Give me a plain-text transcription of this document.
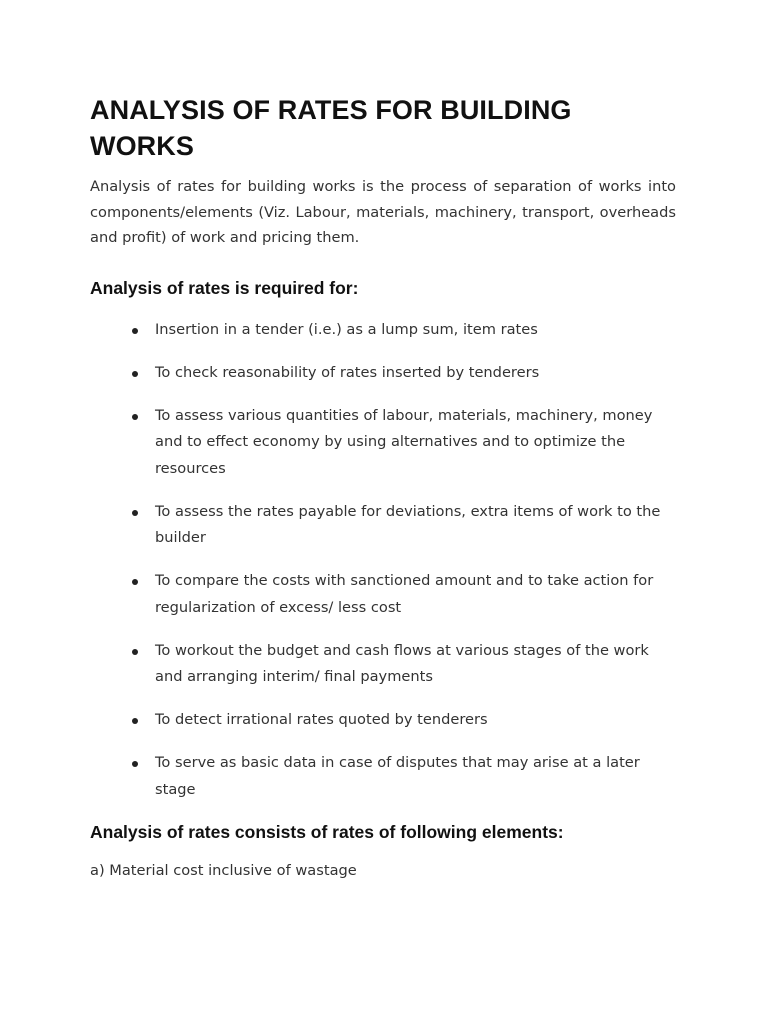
ANALYSIS OF RATES FOR BUILDING WORKS

Analysis of rates for building works is the process of separation of works into components/elements (Viz. Labour, materials, machinery, transport, overheads and profit) of work and pricing them.

Analysis of rates is required for:
Insertion in a tender (i.e.) as a lump sum, item rates
To check reasonability of rates inserted by tenderers
To assess various quantities of labour, materials, machinery, money and to effect economy by using alternatives and to optimize the resources
To assess the rates payable for deviations, extra items of work to the builder
To compare the costs with sanctioned amount and to take action for regularization of excess/ less cost
To workout the budget and cash flows at various stages of the work and arranging interim/ final payments
To detect irrational rates quoted by tenderers
To serve as basic data in case of disputes that may arise at a later stage
Analysis of rates consists of rates of following elements:

a) Material cost inclusive of wastage
